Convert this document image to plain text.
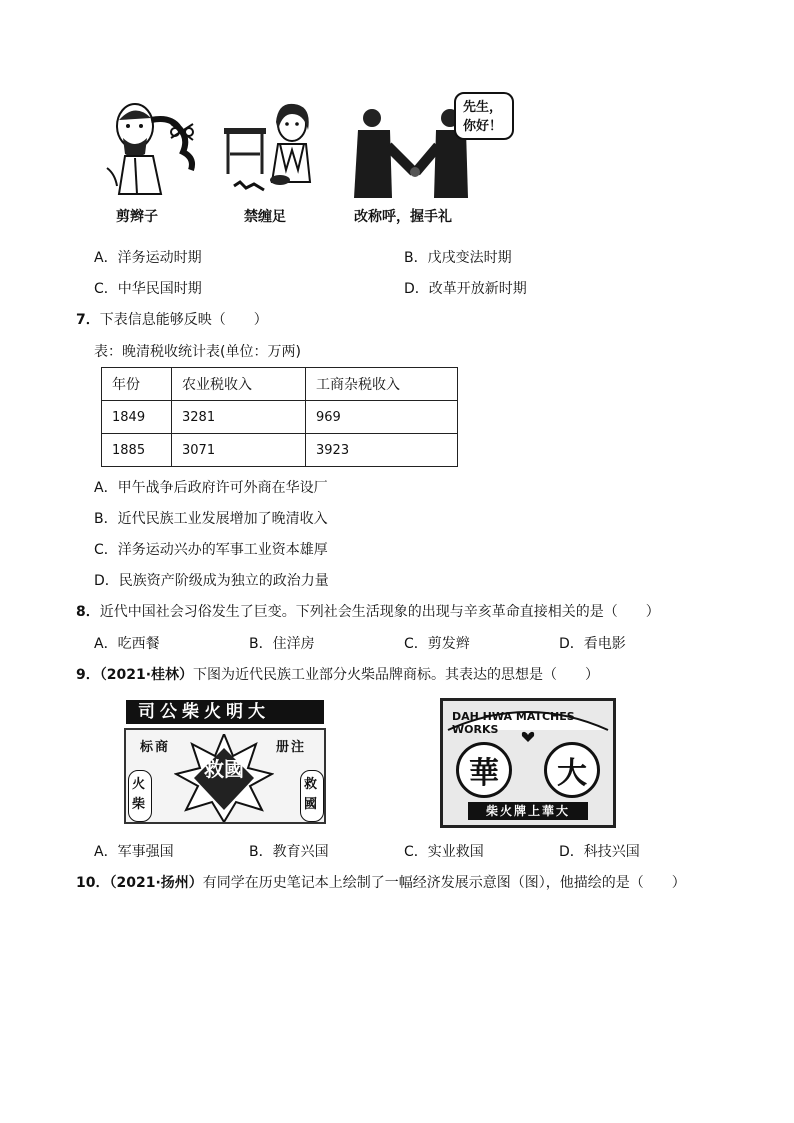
剪辫子	禁缠足
先生，
你好！
改称呼，握手礼
A．洋务运动时期	B．戊戌变法时期
C．中华民国时期	D．改革开放新时期
7．下表信息能够反映（　　）
表：晚清税收统计表(单位：万两)
年份	农业税收入	工商杂税收入
1849	3281	969
1885	3071	3923
A．甲午战争后政府许可外商在华设厂
B．近代民族工业发展增加了晚清收入
C．洋务运动兴办的军事工业资本雄厚
D．民族资产阶级成为独立的政治力量
8．近代中国社会习俗发生了巨变。下列社会生活现象的出现与辛亥革命直接相关的是（　　）
A．吃西餐	B．住洋房	C．剪发辫	D．看电影
9．（2021·桂林）下图为近代民族工业部分火柴品牌商标。其表达的思想是（　　）
司公柴火明大
标商	册注
救國
火柴
救國
DAH HWA MATCHES WORKS
華	大
柴火牌上華大
A．军事强国	B．教育兴国	C．实业救国	D．科技兴国
10．（2021·扬州）有同学在历史笔记本上绘制了一幅经济发展示意图（图），他描绘的是（　　）
